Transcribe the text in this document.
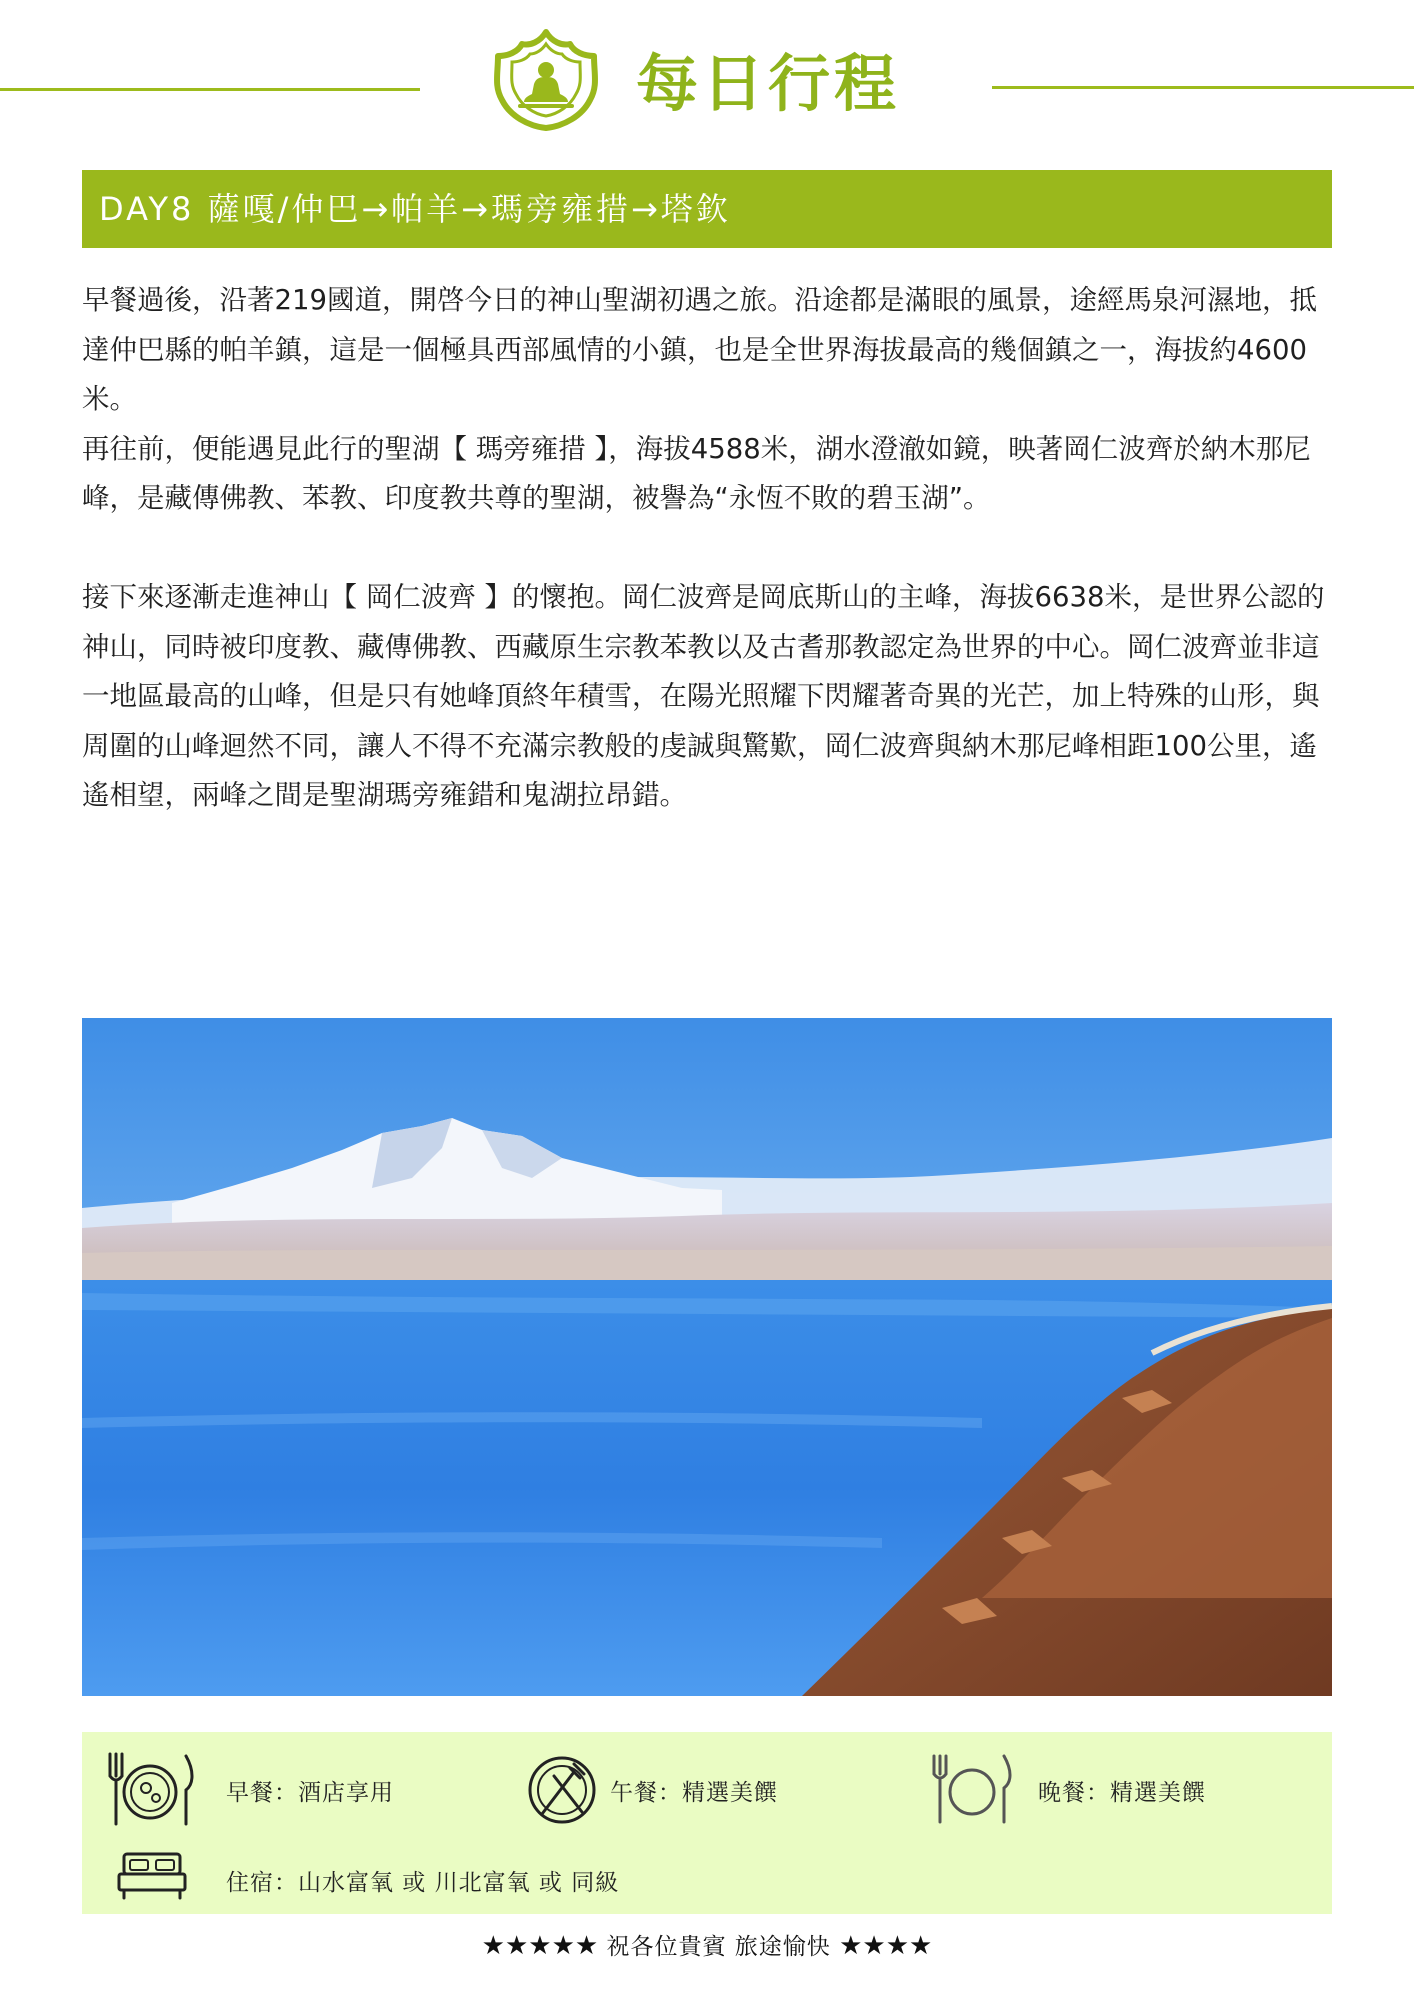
每日行程
DAY8 薩嘎/仲巴→帕羊→瑪旁雍措→塔欽

早餐過後，沿著219國道，開啓今日的神山聖湖初遇之旅。沿途都是滿眼的風景，途經馬泉河濕地，抵達仲巴縣的帕羊鎮，這是一個極具西部風情的小鎮，也是全世界海拔最高的幾個鎮之一，海拔約4600米。

再往前，便能遇見此行的聖湖【 瑪旁雍措 】，海拔4588米，湖水澄澈如鏡，映著岡仁波齊於納木那尼峰，是藏傳佛教、苯教、印度教共尊的聖湖，被譽為“永恆不敗的碧玉湖”。

接下來逐漸走進神山【 岡仁波齊 】的懷抱。岡仁波齊是岡底斯山的主峰，海拔6638米，是世界公認的神山，同時被印度教、藏傳佛教、西藏原生宗教苯教以及古耆那教認定為世界的中心。岡仁波齊並非這一地區最高的山峰，但是只有她峰頂終年積雪，在陽光照耀下閃耀著奇異的光芒，加上特殊的山形，與周圍的山峰迴然不同，讓人不得不充滿宗教般的虔誠與驚歎，岡仁波齊與納木那尼峰相距100公里，遙遙相望，兩峰之間是聖湖瑪旁雍錯和鬼湖拉昂錯。

早餐：酒店享用	午餐：精選美饌	晚餐：精選美饌
住宿：山水富氧 或 川北富氧 或 同級
★★★★★ 祝各位貴賓 旅途愉快 ★★★★
